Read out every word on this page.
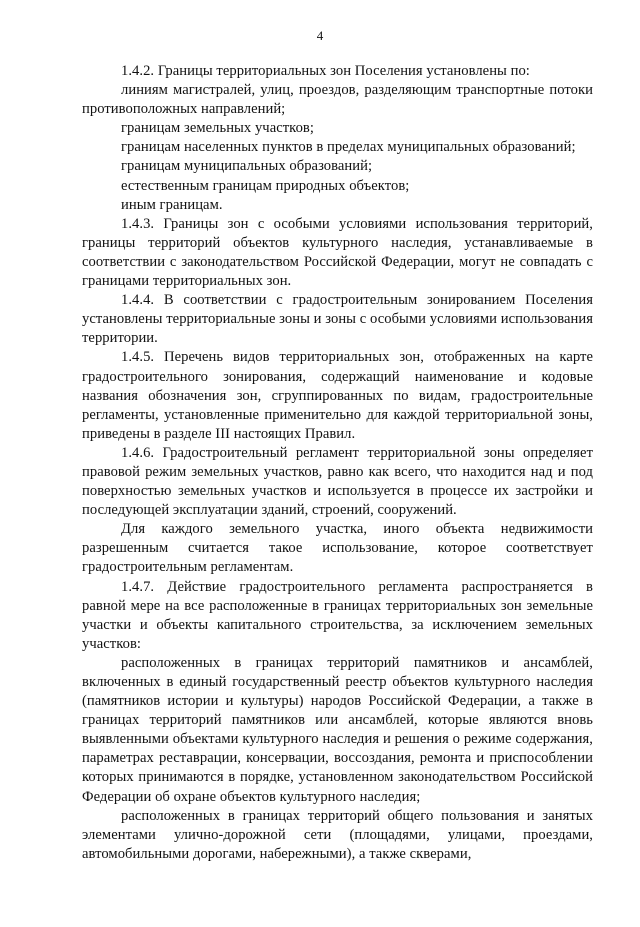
4

1.4.2. Границы территориальных зон Поселения установлены по:

линиям магистралей, улиц, проездов, разделяющим транспортные потоки противоположных направлений;

границам земельных участков;

границам населенных пунктов в пределах муниципальных образований;

границам муниципальных образований;

естественным границам природных объектов;

иным границам.

1.4.3. Границы зон с особыми условиями использования территорий, границы территорий объектов культурного наследия, устанавливаемые в соответствии с законодательством Российской Федерации, могут не совпадать с границами территориальных зон.

1.4.4. В соответствии с градостроительным зонированием Поселения установлены территориальные зоны и зоны с особыми условиями использования территории.

1.4.5. Перечень видов территориальных зон, отображенных на карте градостроительного зонирования, содержащий наименование и кодовые названия обозначения зон, сгруппированных по видам, градостроительные регламенты, установленные применительно для каждой территориальной зоны, приведены в разделе III настоящих Правил.

1.4.6. Градостроительный регламент территориальной зоны определяет правовой режим земельных участков, равно как всего, что находится над и под поверхностью земельных участков и используется в процессе их застройки и последующей эксплуатации зданий, строений, сооружений.

Для каждого земельного участка, иного объекта недвижимости разрешенным считается такое использование, которое соответствует градостроительным регламентам.

1.4.7. Действие градостроительного регламента распространяется в равной мере на все расположенные в границах территориальных зон земельные участки и объекты капитального строительства, за исключением земельных участков:

расположенных в границах территорий памятников и ансамблей, включенных в единый государственный реестр объектов культурного наследия (памятников истории и культуры) народов Российской Федерации, а также в границах территорий памятников или ансамблей, которые являются вновь выявленными объектами культурного наследия и решения о режиме содержания, параметрах реставрации, консервации, воссоздания, ремонта и приспособлении которых принимаются в порядке, установленном законодательством Российской Федерации об охране объектов культурного наследия;

расположенных в границах территорий общего пользования и занятых элементами улично-дорожной сети (площадями, улицами, проездами, автомобильными дорогами, набережными), а также скверами,
